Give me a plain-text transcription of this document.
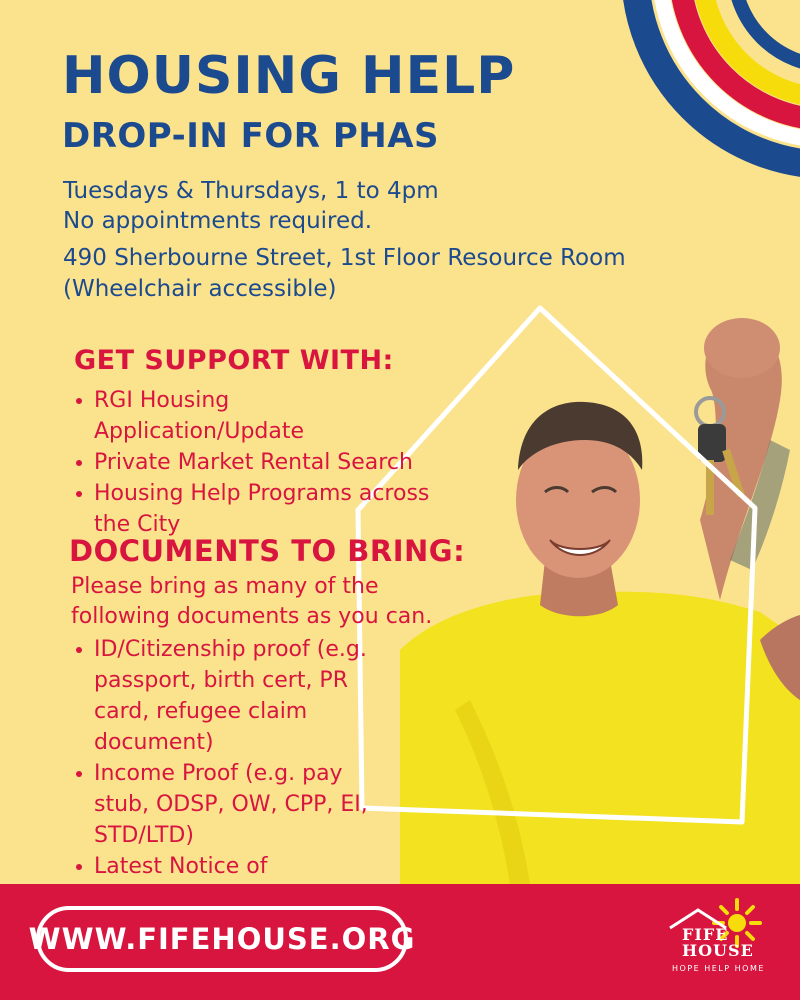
HOUSING HELP
DROP-IN FOR PHAS
Tuesdays & Thursdays, 1 to 4pm
No appointments required.
490 Sherbourne Street, 1st Floor Resource Room
(Wheelchair accessible)
GET SUPPORT WITH:
RGI Housing Application/Update
Private Market Rental Search
Housing Help Programs across the City
DOCUMENTS TO BRING:
Please bring as many of the
following documents as you can.
ID/Citizenship proof (e.g. passport, birth cert, PR card, refugee claim document)
Income Proof (e.g. pay stub, ODSP, OW, CPP, EI, STD/LTD)
Latest Notice of
WWW.FIFEHOUSE.ORG	FIFE
HOUSE
HOPE HELP HOME
